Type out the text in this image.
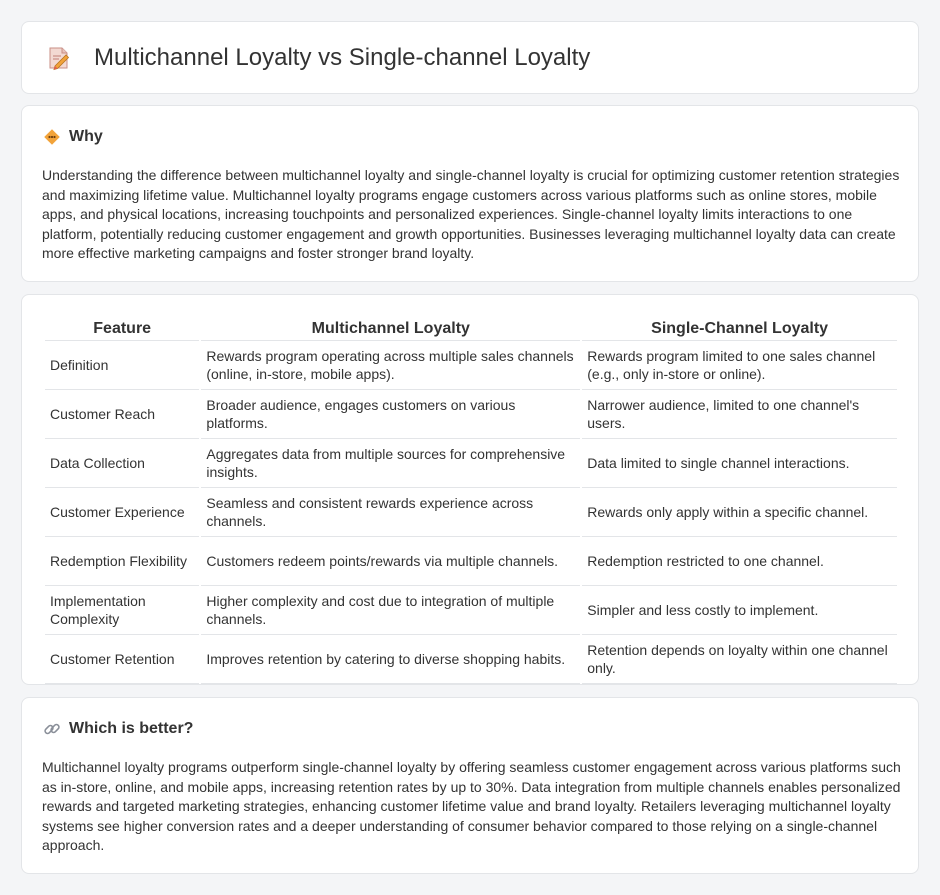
Multichannel Loyalty vs Single-channel Loyalty
Why

Understanding the difference between multichannel loyalty and single-channel loyalty is crucial for optimizing customer retention strategies and maximizing lifetime value. Multichannel loyalty programs engage customers across various platforms such as online stores, mobile apps, and physical locations, increasing touchpoints and personalized experiences. Single-channel loyalty limits interactions to one platform, potentially reducing customer engagement and growth opportunities. Businesses leveraging multichannel loyalty data can create more effective marketing campaigns and foster stronger brand loyalty.

Feature	Multichannel Loyalty	Single-Channel Loyalty
Definition	Rewards program operating across multiple sales channels (online, in-store, mobile apps).	Rewards program limited to one sales channel (e.g., only in-store or online).
Customer Reach	Broader audience, engages customers on various platforms.	Narrower audience, limited to one channel's users.
Data Collection	Aggregates data from multiple sources for comprehensive insights.	Data limited to single channel interactions.
Customer Experience	Seamless and consistent rewards experience across channels.	Rewards only apply within a specific channel.
Redemption Flexibility	Customers redeem points/rewards via multiple channels.	Redemption restricted to one channel.
Implementation Complexity	Higher complexity and cost due to integration of multiple channels.	Simpler and less costly to implement.
Customer Retention	Improves retention by catering to diverse shopping habits.	Retention depends on loyalty within one channel only.
Which is better?

Multichannel loyalty programs outperform single-channel loyalty by offering seamless customer engagement across various platforms such as in-store, online, and mobile apps, increasing retention rates by up to 30%. Data integration from multiple channels enables personalized rewards and targeted marketing strategies, enhancing customer lifetime value and brand loyalty. Retailers leveraging multichannel loyalty systems see higher conversion rates and a deeper understanding of consumer behavior compared to those relying on a single-channel approach.
